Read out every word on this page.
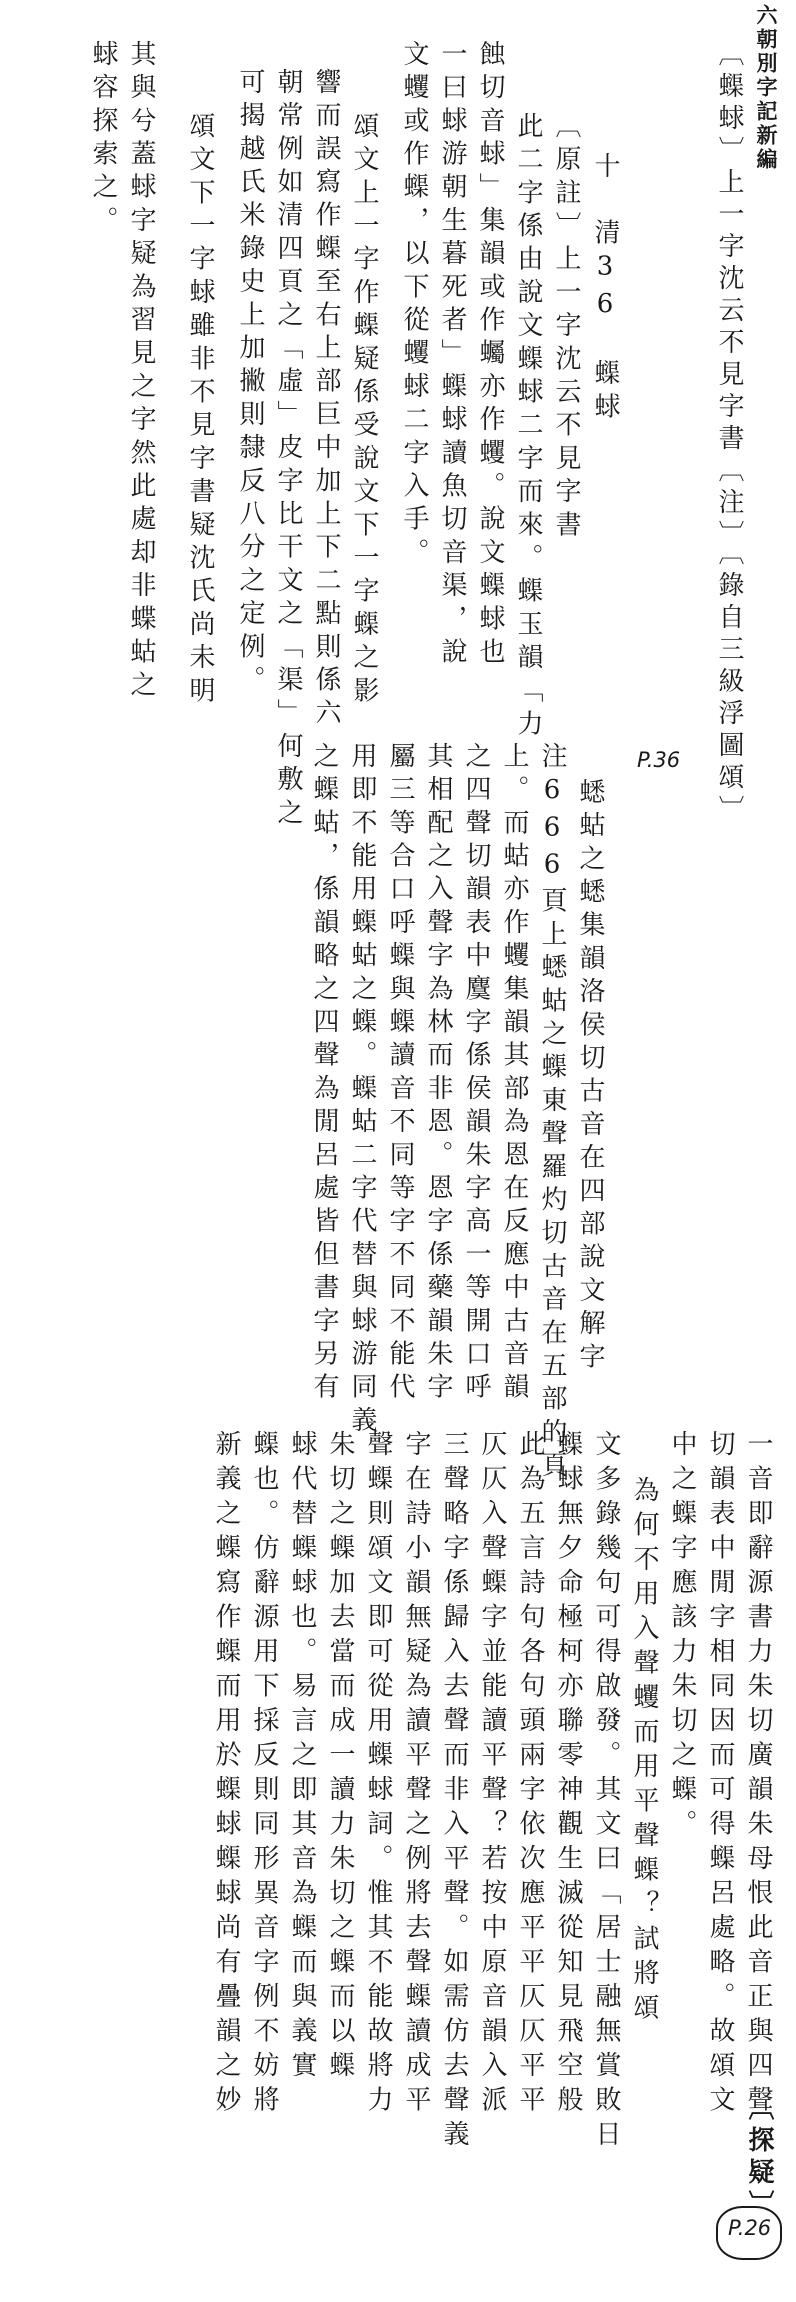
六朝別字記新編
〔蟝蛷〕上一字沈云不見字書〔注〕〔錄自三級浮圖頌〕
P.36
十　清36　蟝蛷
〔原註〕上一字沈云不見字書
此二字係由說文蟝蛷二字而來。蟝玉韻「力
蝕切音蛷」集韻或作蠾亦作蠼。說文蟝蛷也
一曰蛷游朝生暮死者」蟝蛷讀魚切音渠，說
文蠼或作蟝，以下從蠼蛷二字入手。
頌文上一字作蟝疑係受說文下一字蟝之影
響而誤寫作蟝至右上部巨中加上下二點則係六
朝常例如清四頁之「虛」皮字比干文之「渠」何敷之
可揭越氏米錄史上加撇則隸反八分之定例。
頌文下一字蛷雖非不見字書疑沈氏尚未明
其與兮蓋蛷字疑為習見之字然此處却非蝶蛄之
蛷容探索之。
蟋蛄之蟋集韻洛侯切古音在四部說文解字
注666頁上蟋蛄之蟝東聲羅灼切古音在五部的頁
上。而蛄亦作蠼集韻其部為恩在反應中古音韻
之四聲切韻表中麌字係侯韻朱字高一等開口呼
其相配之入聲字為林而非恩。恩字係藥韻朱字
屬三等合口呼蟝與蟝讀音不同等字不同不能代
用即不能用蟝蛄之蟝。蟝蛄二字代替與蛷游同義
之蟝蛄，係韻略之四聲為閒呂處皆但書字另有
一音即辭源書力朱切廣韻朱母恨此音正與四聲
切韻表中閒字相同因而可得蟝呂處略。故頌文
中之蟝字應該力朱切之蟝。
為何不用入聲蠼而用平聲蟝？試將頌
文多錄幾句可得啟發。其文曰「居士融無賞敗日
蟝蛷無夕命極柯亦聯零神觀生滅從知見飛空般
此為五言詩句各句頭兩字依次應平平仄仄平平
仄仄入聲蟝字並能讀平聲？若按中原音韻入派
三聲略字係歸入去聲而非入平聲。如需仿去聲義
字在詩小韻無疑為讀平聲之例將去聲蟝讀成平
聲蟝則頌文即可從用蟝蛷詞。惟其不能故將力
朱切之蟝加去當而成一讀力朱切之蟝而以蟝
蛷代替蟝蛷也。易言之即其音為蟝而與義實
蟝也。仿辭源用下採反則同形異音字例不妨將
新義之蟝寫作蟝而用於蟝蛷蟝蛷尚有疊韻之妙
〔探疑〕
P.26
